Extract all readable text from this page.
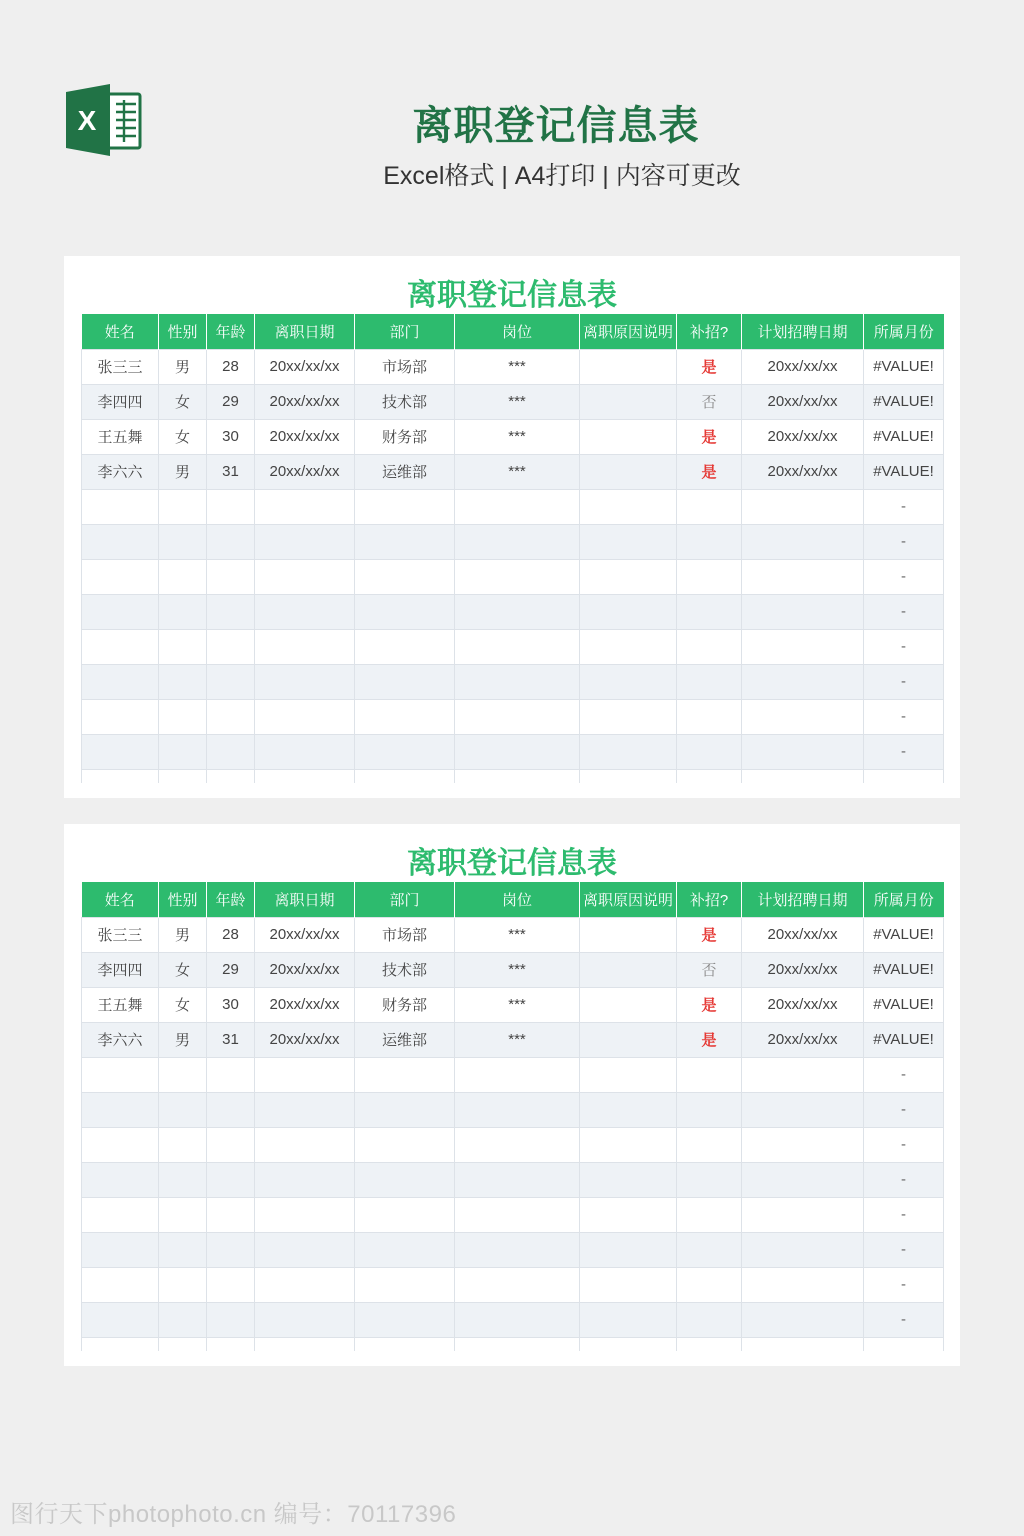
X	离职登记信息表
Excel格式 | A4打印 | 内容可更改
离职登记信息表
姓名	性别	年龄	离职日期	部门	岗位	离职原因说明	补招?	计划招聘日期	所属月份
张三三	男	28	20xx/xx/xx	市场部	***		是	20xx/xx/xx	#VALUE!
李四四	女	29	20xx/xx/xx	技术部	***		否	20xx/xx/xx	#VALUE!
王五舞	女	30	20xx/xx/xx	财务部	***		是	20xx/xx/xx	#VALUE!
李六六	男	31	20xx/xx/xx	运维部	***		是	20xx/xx/xx	#VALUE!
									-
									-
									-
									-
									-
									-
									-
									-

离职登记信息表
姓名	性别	年龄	离职日期	部门	岗位	离职原因说明	补招?	计划招聘日期	所属月份
张三三	男	28	20xx/xx/xx	市场部	***		是	20xx/xx/xx	#VALUE!
李四四	女	29	20xx/xx/xx	技术部	***		否	20xx/xx/xx	#VALUE!
王五舞	女	30	20xx/xx/xx	财务部	***		是	20xx/xx/xx	#VALUE!
李六六	男	31	20xx/xx/xx	运维部	***		是	20xx/xx/xx	#VALUE!
									-
									-
									-
									-
									-
									-
									-
									-

图行天下photophoto.cn 编号：70117396
